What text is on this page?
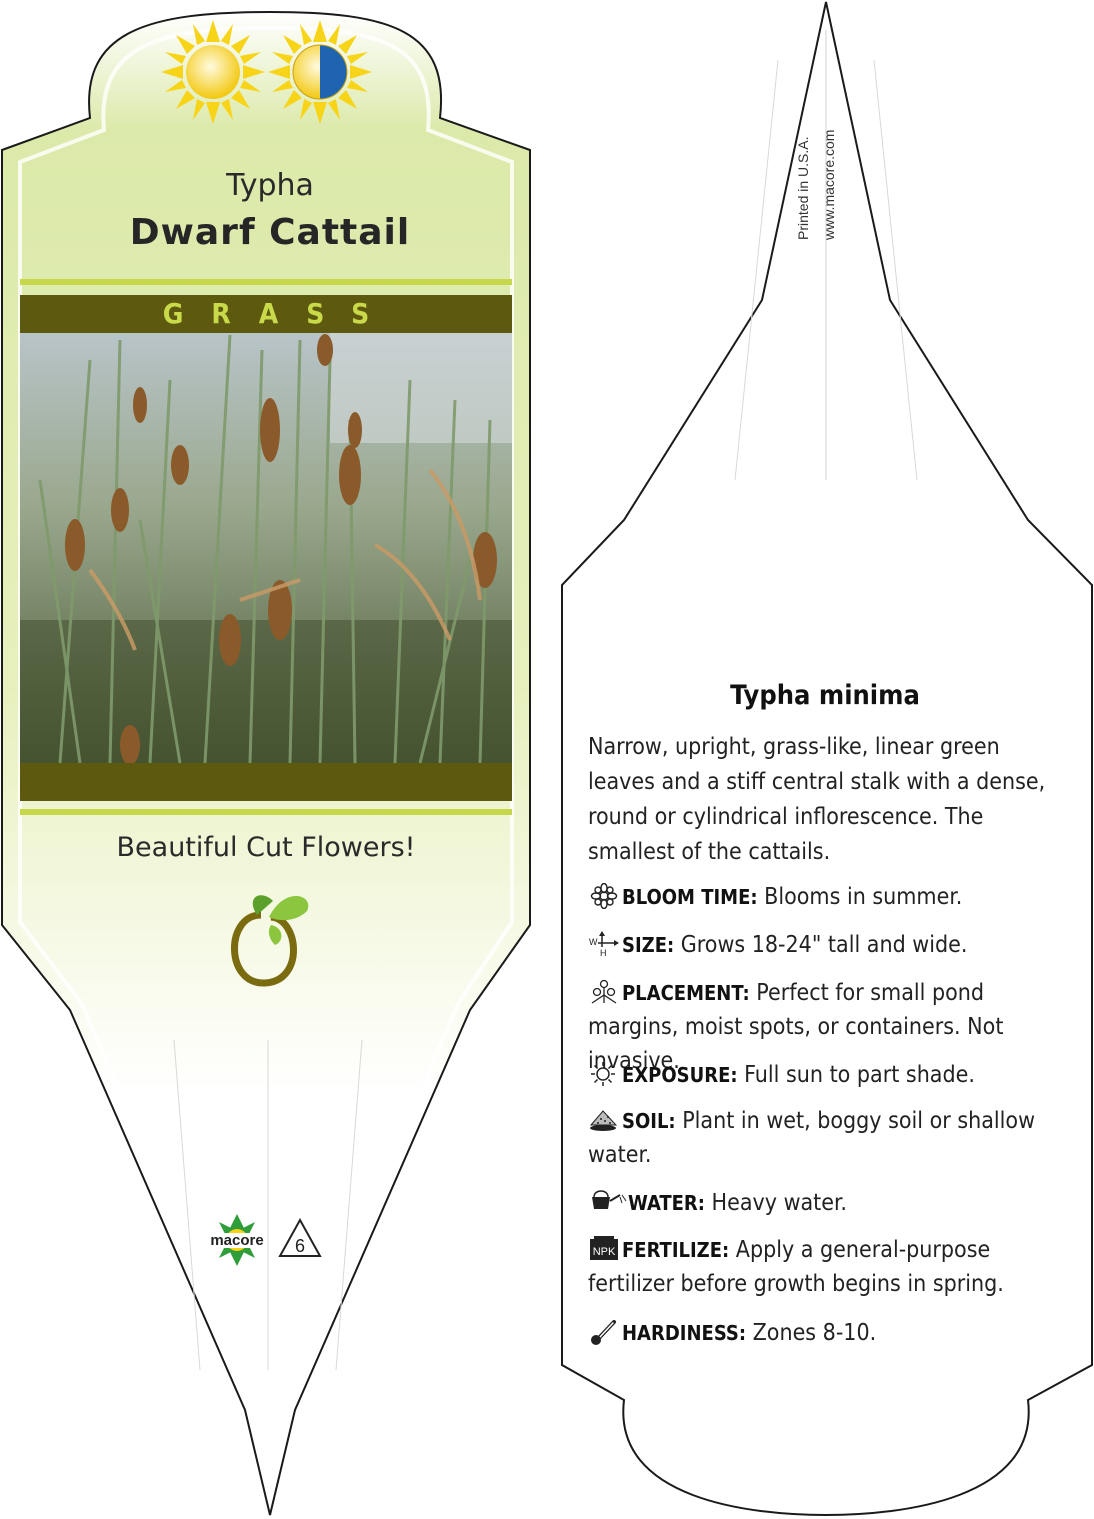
macore 6
Typha
Dwarf Cattail
GRASS
Beautiful Cut Flowers!
Printed in U.S.A. www.macore.com
Typha minima
Narrow, upright, grass-like, linear green leaves and a stiff central stalk with a dense, round or cylindrical inflorescence. The smallest of the cattails.
BLOOM TIME: Blooms in summer.
W
H SIZE: Grows 18-24" tall and wide.
PLACEMENT: Perfect for small pond margins, moist spots, or containers. Not invasive.
EXPOSURE: Full sun to part shade.
SOIL: Plant in wet, boggy soil or shallow water.
WATER: Heavy water.
NPK FERTILIZE: Apply a general-purpose fertilizer before growth begins in spring.
HARDINESS: Zones 8-10.
